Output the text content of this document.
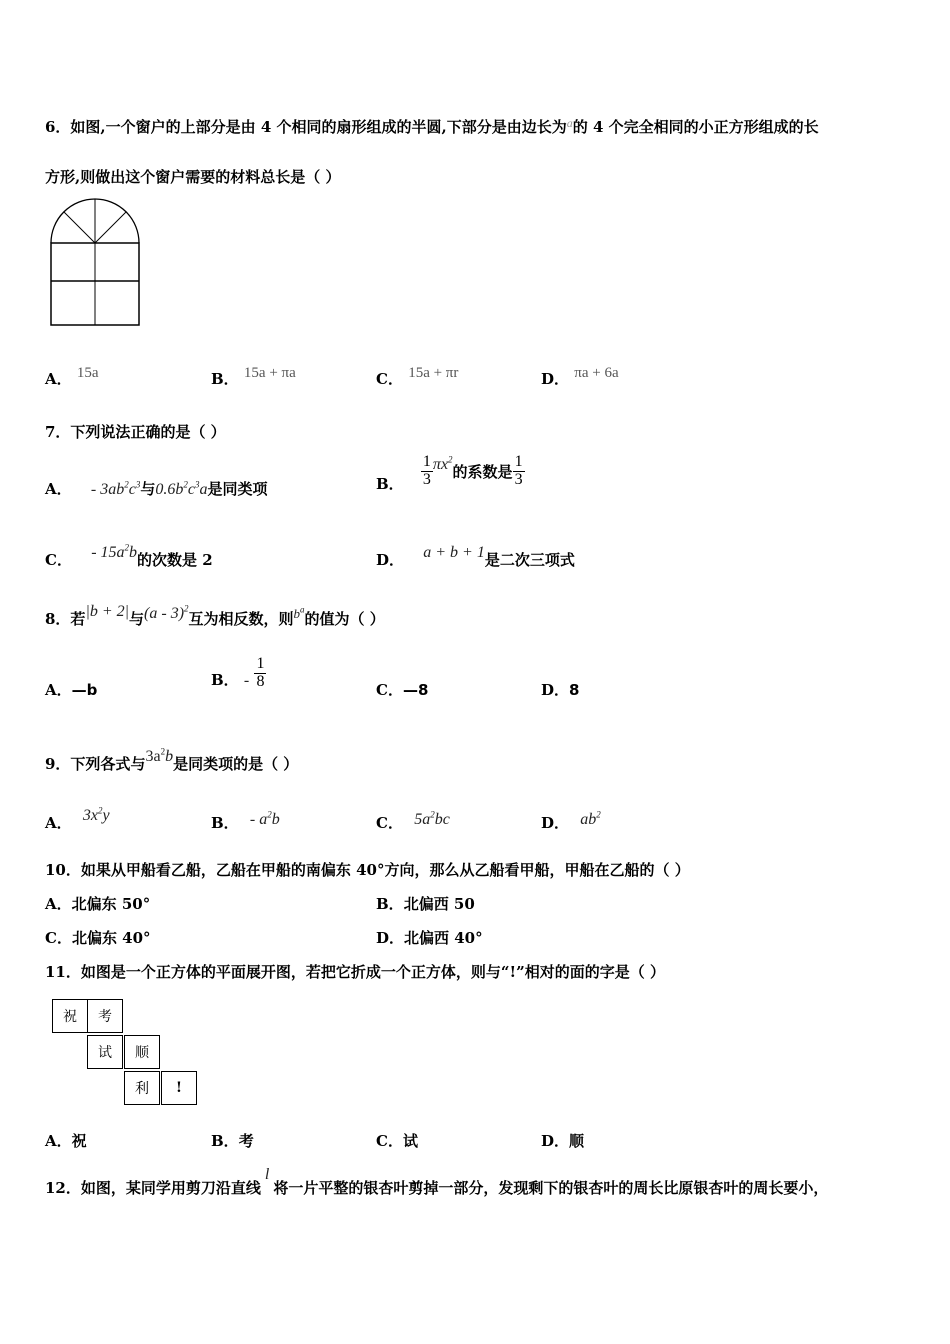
6．如图,一个窗户的上部分是由 4 个相同的扇形组成的半圆,下部分是由边长为$^a$的 4 个完全相同的小正方形组成的长
方形,则做出这个窗户需要的材料总长是（ ）
A． 15a	B． 15a + πa	C． 15a + πr	D． πa + 6a
7．下列说法正确的是（ ）
A． - $3ab^2c^3$与$0.6b^2c^3a$是同类项	B． $\frac{1}{3} \pi x^2$的系数是 $\frac{1}{3}$
C． - $15a^2b$的次数是 2	D． a + b + 1是二次三项式
8．若|b + 2|与(a - 3)$^2$互为相反数，则$b^a$的值为（ ）
A．—b
B． - $\frac{1}{8}$	C．—8	D．8
9．下列各式与$3a^2b$是同类项的是（ ）
A． $3x^2y$	B． - $a^2b$	C． $5a^2bc$	D． $ab^2$
10．如果从甲船看乙船，乙船在甲船的南偏东 40°方向，那么从乙船看甲船，甲船在乙船的（ ）
A．北偏东 50°	B．北偏西 50
C．北偏东 40°	D．北偏西 40°
11．如图是一个正方体的平面展开图，若把它折成一个正方体，则与“!”相对的面的字是（ ）
祝	考
试	顺
利	!
A．祝	B．考	C．试	D．顺
12．如图，某同学用剪刀沿直线l将一片平整的银杏叶剪掉一部分，发现剩下的银杏叶的周长比原银杏叶的周长要小，
